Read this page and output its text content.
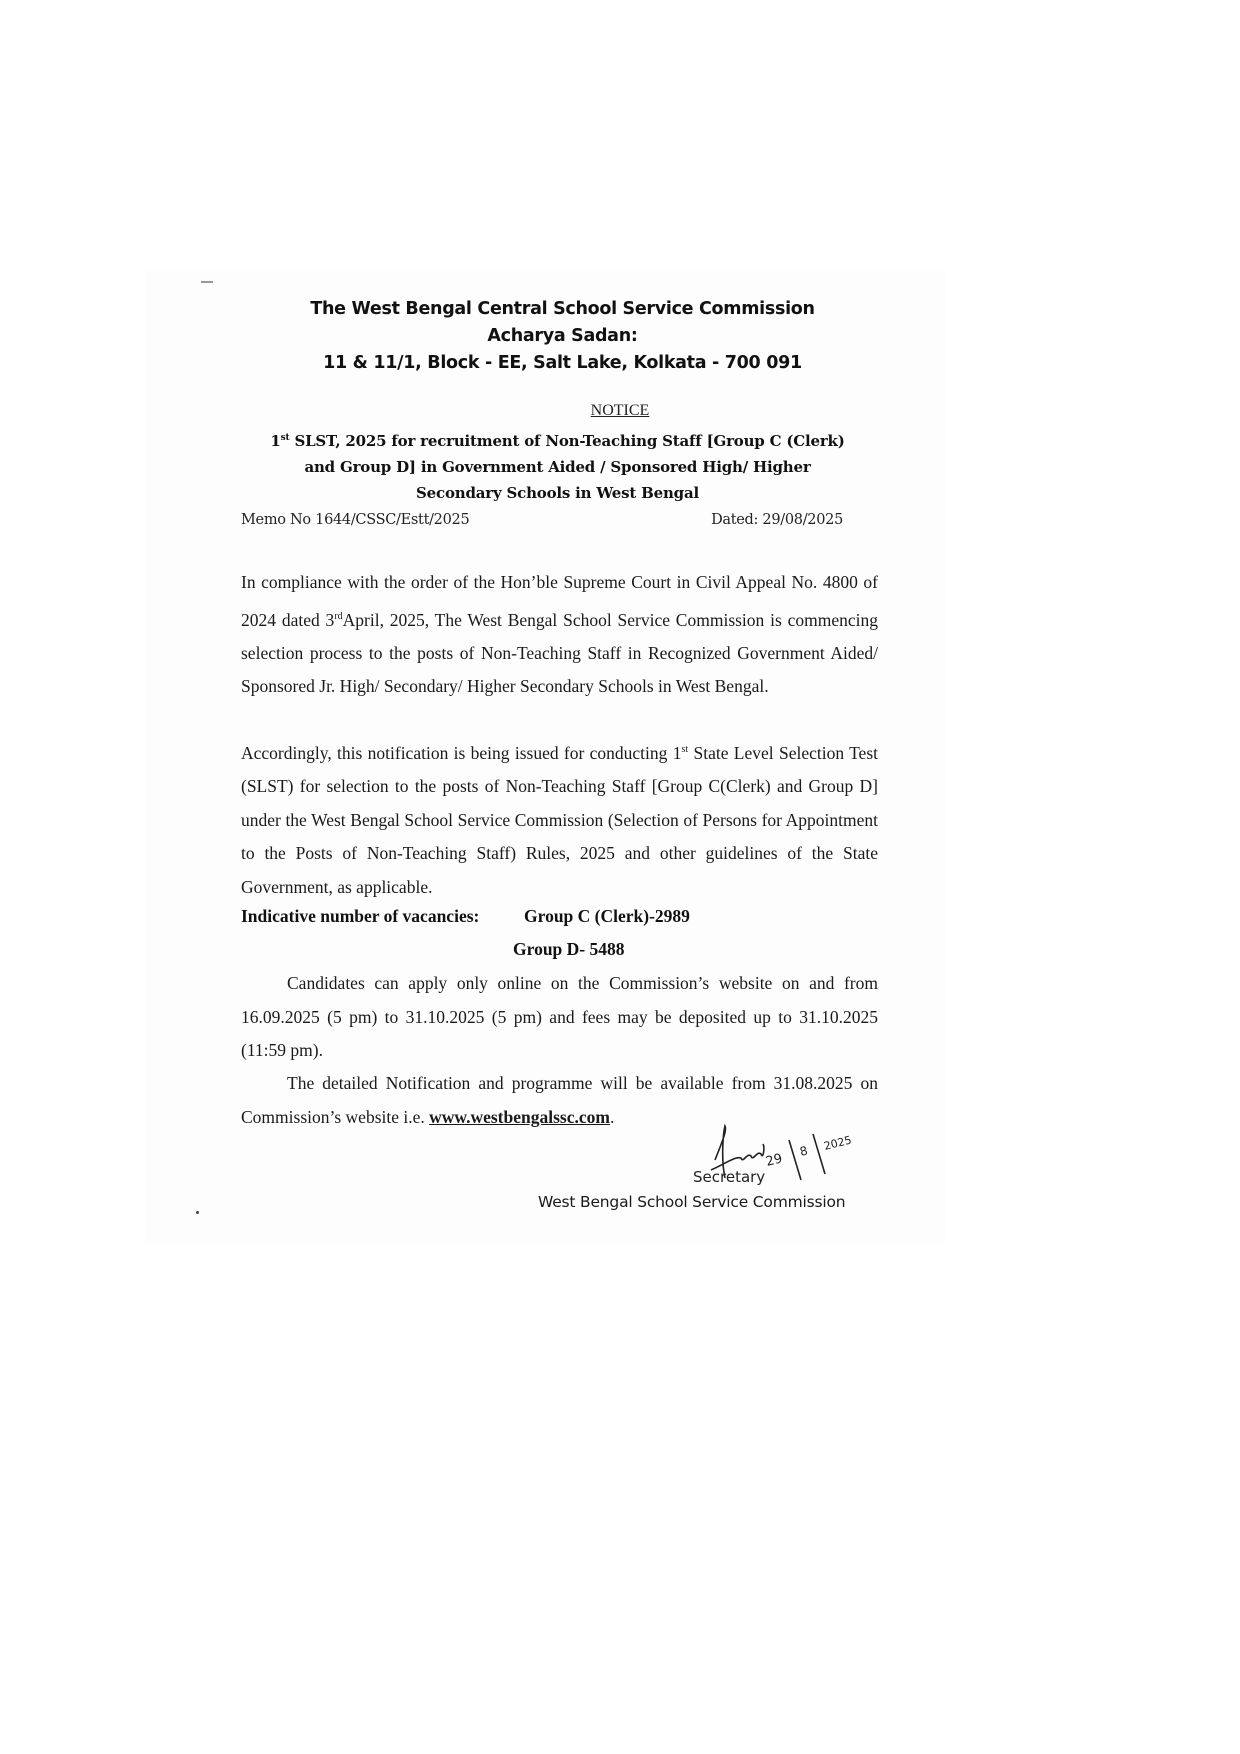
The West Bengal Central School Service Commission
Acharya Sadan:
11 & 11/1, Block - EE, Salt Lake, Kolkata - 700 091
NOTICE
1st SLST, 2025 for recruitment of Non-Teaching Staff [Group C (Clerk)
and Group D] in Government Aided / Sponsored High/ Higher
Secondary Schools in West Bengal
Memo No 1644/CSSC/Estt/2025	Dated: 29/08/2025
In compliance with the order of the Hon’ble Supreme Court in Civil Appeal No. 4800 of 2024 dated 3rdApril, 2025, The West Bengal School Service Commission is commencing selection process to the posts of Non-Teaching Staff in Recognized Government Aided/ Sponsored Jr. High/ Secondary/ Higher Secondary Schools in West Bengal.
Accordingly, this notification is being issued for conducting 1st State Level Selection Test (SLST) for selection to the posts of Non-Teaching Staff [Group C(Clerk) and Group D] under the West Bengal School Service Commission (Selection of Persons for Appointment to the Posts of Non-Teaching Staff) Rules, 2025 and other guidelines of the State Government, as applicable.
Indicative number of vacancies:	Group C (Clerk)-2989
Group D- 5488
Candidates can apply only online on the Commission’s website on and from 16.09.2025 (5 pm) to 31.10.2025 (5 pm) and fees may be deposited up to 31.10.2025 (11:59 pm).
The detailed Notification and programme will be available from 31.08.2025 on Commission’s website i.e. www.westbengalssc.com.
29
8 2025
Secretary
West Bengal School Service Commission
